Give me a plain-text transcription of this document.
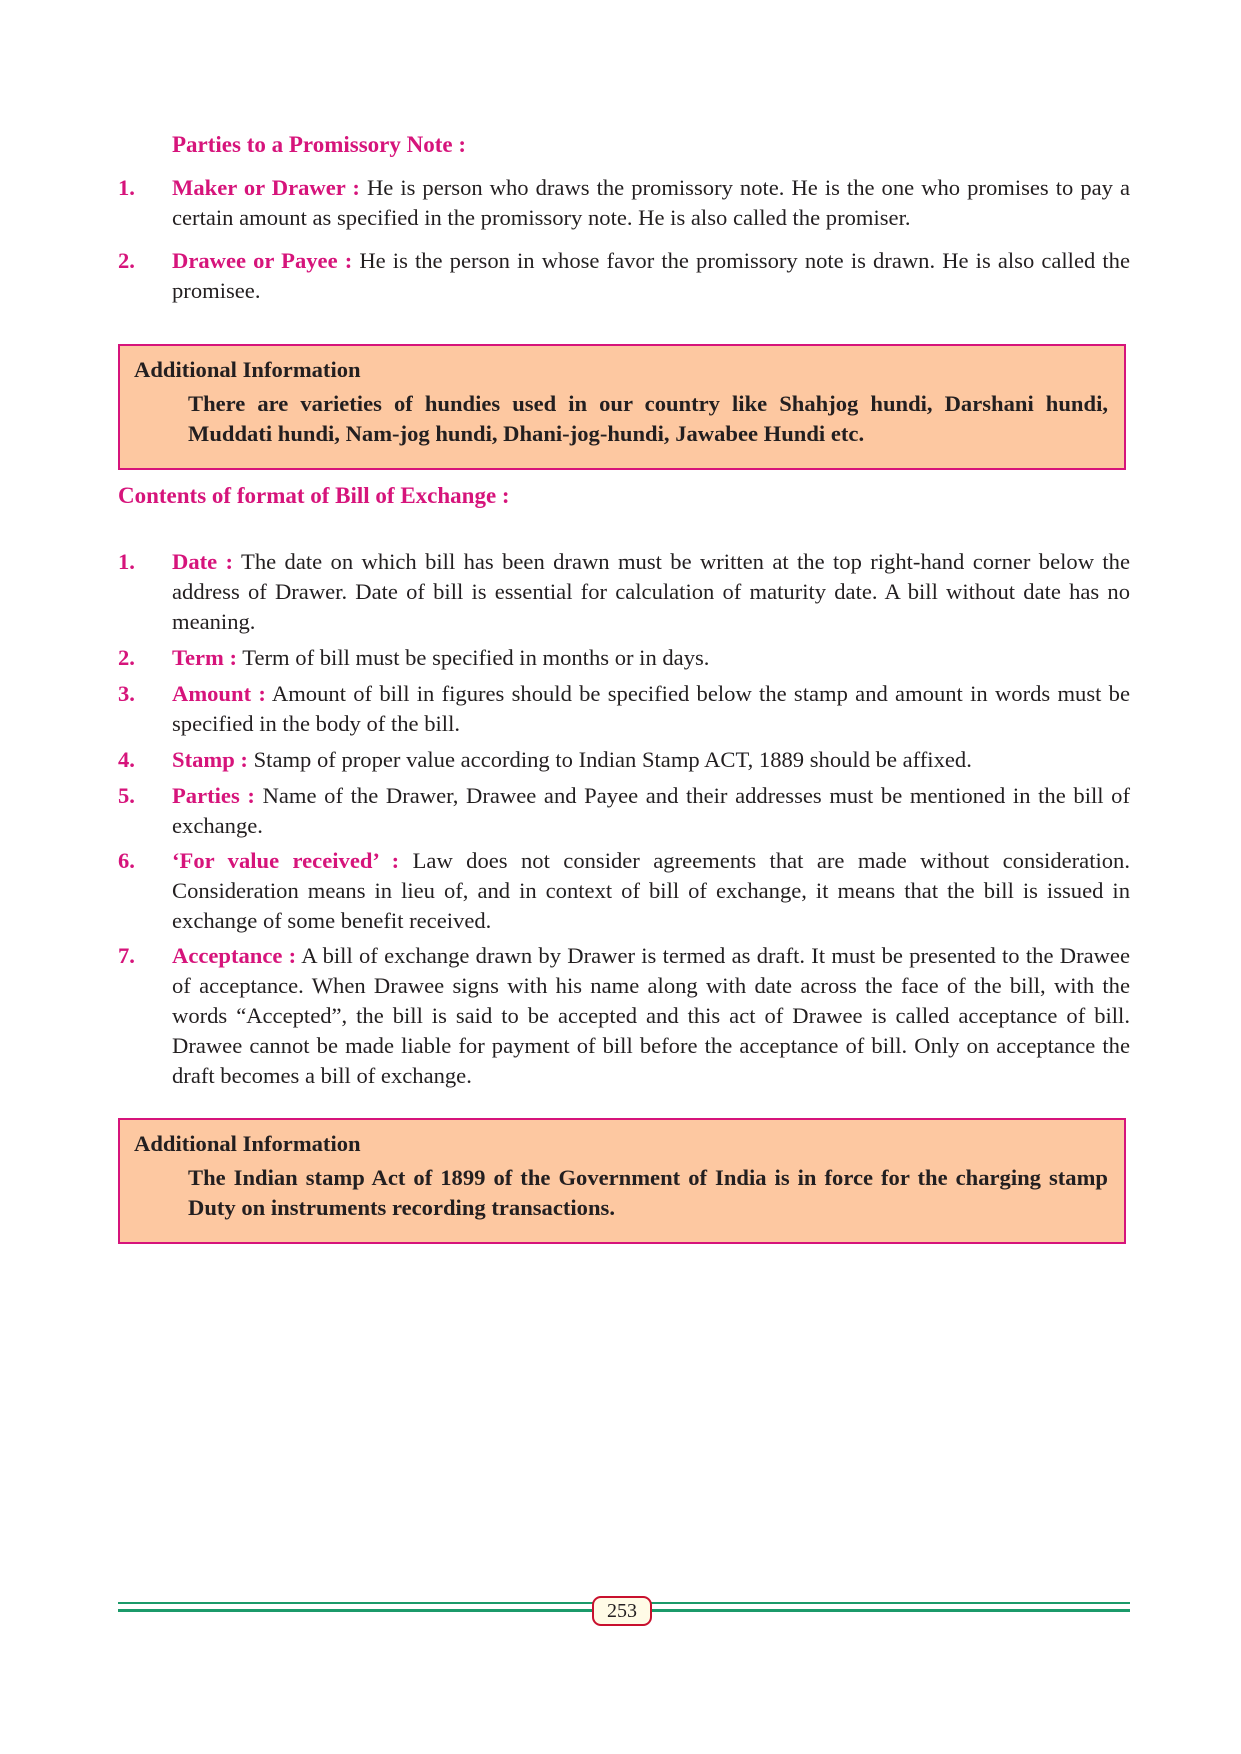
Parties to a Promissory Note :
1. Maker or Drawer : He is person who draws the promissory note. He is the one who promises to pay a certain amount as specified in the promissory note. He is also called the promiser.
2. Drawee or Payee : He is the person in whose favor the promissory note is drawn. He is also called the promisee.
Additional Information
There are varieties of hundies used in our country like Shahjog hundi, Darshani hundi, Muddati hundi, Nam-jog hundi, Dhani-jog-hundi, Jawabee Hundi etc.
Contents of format of Bill of Exchange :
1. Date : The date on which bill has been drawn must be written at the top right-hand corner below the address of Drawer. Date of bill is essential for calculation of maturity date. A bill without date has no meaning.
2. Term : Term of bill must be specified in months or in days.
3. Amount : Amount of bill in figures should be specified below the stamp and amount in words must be specified in the body of the bill.
4. Stamp : Stamp of proper value according to Indian Stamp ACT, 1889 should be affixed.
5. Parties : Name of the Drawer, Drawee and Payee and their addresses must be mentioned in the bill of exchange.
6. ‘For value received’ : Law does not consider agreements that are made without consideration. Consideration means in lieu of, and in context of bill of exchange, it means that the bill is issued in exchange of some benefit received.
7. Acceptance : A bill of exchange drawn by Drawer is termed as draft. It must be presented to the Drawee of acceptance. When Drawee signs with his name along with date across the face of the bill, with the words “Accepted”, the bill is said to be accepted and this act of Drawee is called acceptance of bill. Drawee cannot be made liable for payment of bill before the acceptance of bill. Only on acceptance the draft becomes a bill of exchange.
Additional Information
The Indian stamp Act of 1899 of the Government of India is in force for the charging stamp Duty on instruments recording transactions.
253
